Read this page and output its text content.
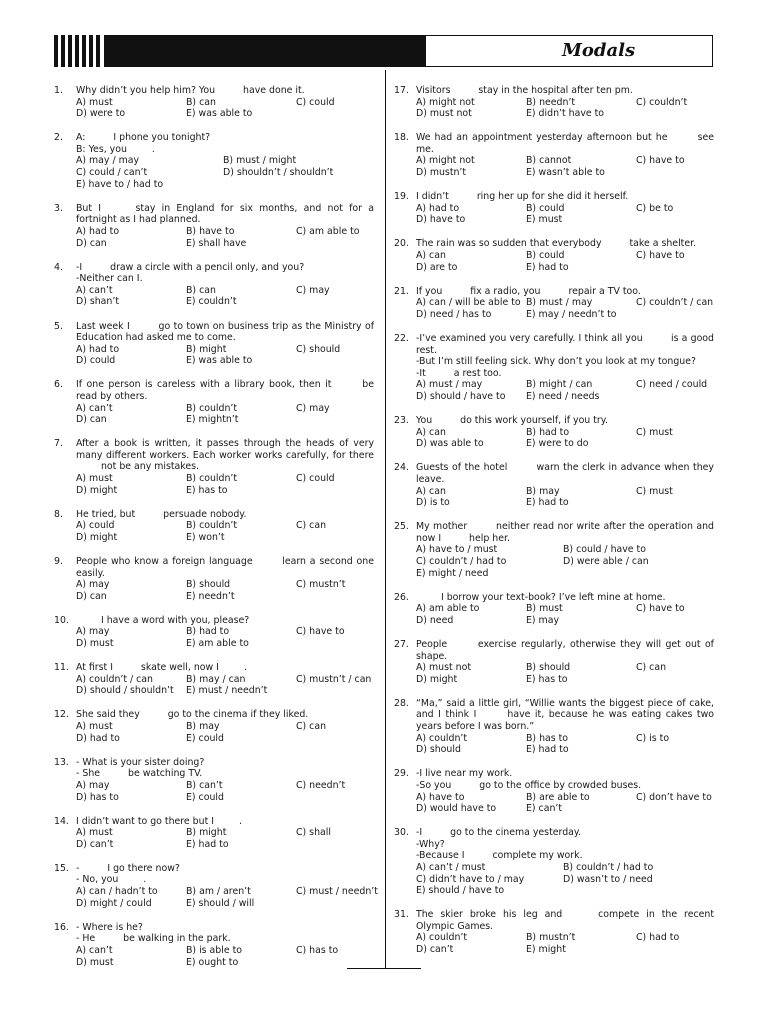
Modals
1. Why didn’t you help him? You  have done it.
A) must	B) can	C) could
D) were to	E) was able to
2. A:  I phone you tonight?
B: Yes, you .
A) may / may	B) must / might
C) could / can’t	D) shouldn’t / shouldn’t
E) have to / had to
3. But I  stay in England for six months, and not for a fortnight as I had planned.
A) had to	B) have to	C) am able to
D) can	E) shall have
4. -I  draw a circle with a pencil only, and you?
-Neither can I.
A) can’t	B) can	C) may
D) shan’t	E) couldn’t
5. Last week I  go to town on business trip as the Ministry of Education had asked me to come.
A) had to	B) might	C) should
D) could	E) was able to
6. If one person is careless with a library book, then it  be read by others.
A) can’t	B) couldn’t	C) may
D) can	E) mightn’t
7. After a book is written, it passes through the heads of very many different workers. Each worker works carefully, for there  not be any mistakes.
A) must	B) couldn’t	C) could
D) might	E) has to
8. He tried, but  persuade nobody.
A) could	B) couldn’t	C) can
D) might	E) won’t
9. People who know a foreign language  learn a second one easily.
A) may	B) should	C) mustn’t
D) can	E) needn’t
10.	I have a word with you, please?
A) may	B) had to	C) have to
D) must	E) am able to
11. At first I  skate well, now I .
A) couldn’t / can	B) may / can	C) mustn’t / can
D) should / shouldn’t	E) must / needn’t
12. She said they  go to the cinema if they liked.
A) must	B) may	C) can
D) had to	E) could
13. - What is your sister doing?
- She  be watching TV.
A) may	B) can’t	C) needn’t
D) has to	E) could
14. I didn’t want to go there but I .
A) must	B) might	C) shall
D) can’t	E) had to
15. -  I go there now?
- No, you .
A) can / hadn’t to	B) am / aren’t	C) must / needn’t
D) might / could	E) should / will
16. - Where is he?
- He  be walking in the park.
A) can’t	B) is able to	C) has to
D) must	E) ought to
17. Visitors  stay in the hospital after ten pm.
A) might not	B) needn’t	C) couldn’t
D) must not	E) didn’t have to
18. We had an appointment yesterday afternoon but he  see me.
A) might not	B) cannot	C) have to
D) mustn’t	E) wasn’t able to
19. I didn’t  ring her up for she did it herself.
A) had to	B) could	C) be to
D) have to	E) must
20. The rain was so sudden that everybody  take a shelter.
A) can	B) could	C) have to
D) are to	E) had to
21. If you  fix a radio, you  repair a TV too.
A) can / will be able to B) must / may	C) couldn’t / can
D) need / has to	E) may / needn’t to
22. -I’ve examined you very carefully. I think all you  is a good rest.
-But I’m still feeling sick. Why don’t you look at my tongue?
-It  a rest too.
A) must / may	B) might / can	C) need / could
D) should / have to	E) need / needs
23. You  do this work yourself, if you try.
A) can	B) had to	C) must
D) was able to	E) were to do
24. Guests of the hotel  warn the clerk in advance when they leave.
A) can	B) may	C) must
D) is to	E) had to
25. My mother  neither read nor write after the operation and now I  help her.
A) have to / must	B) could / have to
C) couldn’t / had to	D) were able / can
E) might / need
26.	I borrow your text-book? I’ve left mine at home.
A) am able to	B) must	C) have to
D) need	E) may
27. People  exercise regularly, otherwise they will get out of shape.
A) must not	B) should	C) can
D) might	E) has to
28. “Ma,” said a little girl, “Willie wants the biggest piece of cake, and I think I  have it, because he was eating cakes two years before I was born.”
A) couldn’t	B) has to	C) is to
D) should	E) had to
29. -I live near my work.
-So you  go to the office by crowded buses.
A) have to	B) are able to	C) don’t have to
D) would have to	E) can’t
30. -I  go to the cinema yesterday.
-Why?
-Because I  complete my work.
A) can’t / must	B) couldn’t / had to
C) didn’t have to / may	D) wasn’t to / need
E) should / have to
31. The skier broke his leg and  compete in the recent Olympic Games.
A) couldn’t	B) mustn’t	C) had to
D) can’t	E) might
